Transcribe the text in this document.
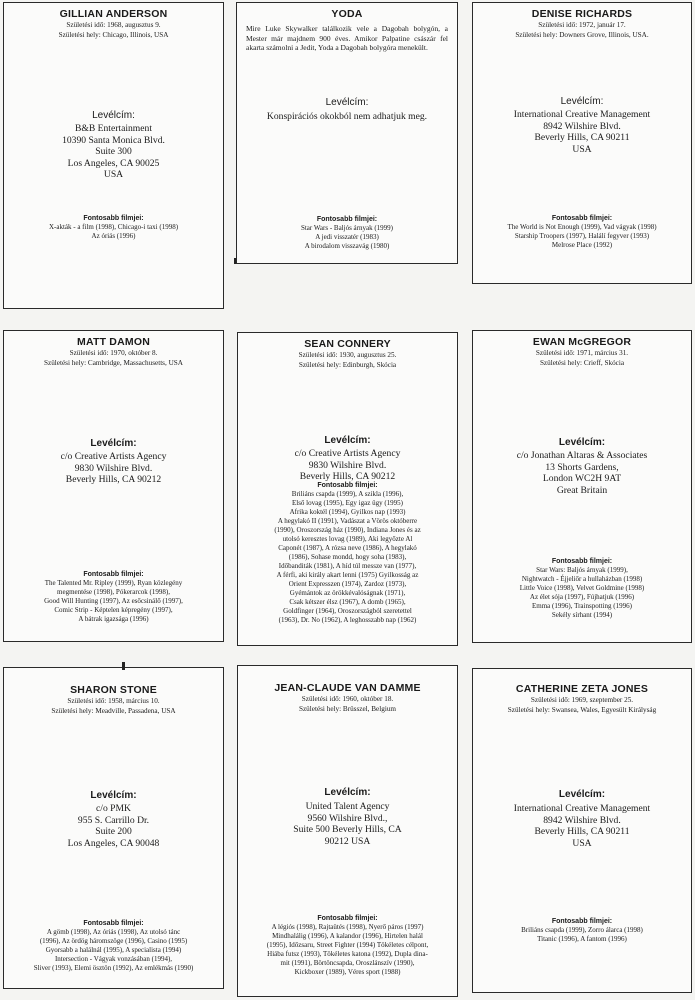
GILLIAN ANDERSON
Születési idő: 1968, augusztus 9.
Születési hely: Chicago, Illinois, USA
Levélcím:
B&B Entertainment
10390 Santa Monica Blvd.
Suite 300
Los Angeles, CA 90025
USA
Fontosabb filmjei:
X-akták - a film (1998), Chicago-i taxi (1998)
Az óriás (1996)
YODA
Mire Luke Skywalker találkozik vele a Dagobah bolygón, a Mester már majdnem 900 éves. Amikor Palpatine császár fel akarta számolni a Jedit, Yoda a Dagobah bolygóra menekült.
Levélcím:
Konspirációs okokból nem adhatjuk meg.
Fontosabb filmjei:
Star Wars - Baljós árnyak (1999)
A jedi visszatér (1983)
A birodalom visszavág (1980)
DENISE RICHARDS
Születési idő: 1972, január 17.
Születési hely: Downers Grove, Illinois, USA.
Levélcím:
International Creative Management
8942 Wilshire Blvd.
Beverly Hills, CA 90211
USA
Fontosabb filmjei:
The World is Not Enough (1999), Vad vágyak (1998)
Starship Troopers (1997), Halálí fegyver (1993)
Melrose Place (1992)
MATT DAMON
Születési idő: 1970, október 8.
Születési hely: Cambridge, Massachusetts, USA
Levélcím:
c/o Creative Artists Agency
9830 Wilshire Blvd.
Beverly Hills, CA 90212
Fontosabb filmjei:
The Talented Mr. Ripley (1999), Ryan közlegény
megmentése (1998), Pókerarcok (1998),
Good Will Hunting (1997), Az esőcsinálő (1997),
Comic Strip - Képtelen képregény (1997),
A bátrak igazsága (1996)
SEAN CONNERY
Születési idő: 1930, augusztus 25.
Születési hely: Edinburgh, Skócia
Levélcím:
c/o Creative Artists Agency
9830 Wilshire Blvd.
Beverly Hills, CA 90212
Fontosabb filmjei:
Briliáns csapda (1999), A szikla (1996),
Első lovag (1995), Egy igaz ügy (1995)
Afrika koktél (1994), Gyilkos nap (1993)
A hegylakó II (1991), Vadászat a Vörös októberre
(1990), Oroszország ház (1990), Indiana Jones és az
utolsó keresztes lovag (1989), Aki legyőzte Al
Caponét (1987), A rózsa neve (1986), A hegylakó
(1986), Sohase mondd, hogy soha (1983),
Időbanditák (1981), A híd túl messze van (1977),
A férfi, aki király akart lenni (1975) Gyilkosság az
Orient Expresszen (1974), Zardoz (1973),
Gyémántok az örökkévalóságnak (1971),
Csak kétszer élsz (1967), A domb (1965),
Goldfinger (1964), Oroszországból szeretettel
(1963), Dr. No (1962), A leghosszabb nap (1962)
EWAN McGREGOR
Születési idő: 1971, március 31.
Születési hely: Crieff, Skócia
Levélcím:
c/o Jonathan Altaras & Associates
13 Shorts Gardens,
London WC2H 9AT
Great Britain
Fontosabb filmjei:
Star Wars: Baljós árnyak (1999),
Nightwatch - Éjjeliőr a hullaházban (1998)
Little Voice (1998), Velvet Goldmine (1998)
Az élet sója (1997), Fújhatjuk (1996)
Emma (1996), Trainspotting (1996)
Sekély sírhant (1994)
SHARON STONE
Születési idő: 1958, március 10.
Születési hely: Meadville, Passadena, USA
Levélcím:
c/o PMK
955 S. Carrillo Dr.
Suite 200
Los Angeles, CA 90048
Fontosabb filmjei:
A gömb (1998), Az óriás (1998), Az utolsó tánc
(1996), Az ördög háromszöge (1996), Casino (1995)
Gyorsabb a halálnál (1995), A specialista (1994)
Intersection - Vágyak vonzásában (1994),
Sliver (1993), Elemi ösztön (1992), Az emlékmás (1990)
JEAN-CLAUDE VAN DAMME
Születési idő: 1960, október 18.
Születési hely: Brüsszel, Belgium
Levélcím:
United Talent Agency
9560 Wilshire Blvd.,
Suite 500 Beverly Hills, CA
90212 USA
Fontosabb filmjei:
A légiós (1998), Rajtaütés (1998), Nyerő páros (1997)
Mindhalálig (1996), A kalandor (1996), Hirtelen halál
(1995), Időzsaru, Street Fighter (1994) Tökéletes célpont,
Hiába futsz (1993), Tökéletes katona (1992), Dupla dina-
mit (1991), Börtöncsapda, Oroszlánszív (1990),
Kickboxer (1989), Véres sport (1988)
CATHERINE ZETA JONES
Születési idő: 1969, szeptember 25.
Születési hely: Swansea, Wales, Egyesült Királyság
Levélcím:
International Creative Management
8942 Wilshire Blvd.
Beverly Hills, CA 90211
USA
Fontosabb filmjei:
Briliáns csapda (1999), Zorro álarca (1998)
Titanic (1996), A fantom (1996)
